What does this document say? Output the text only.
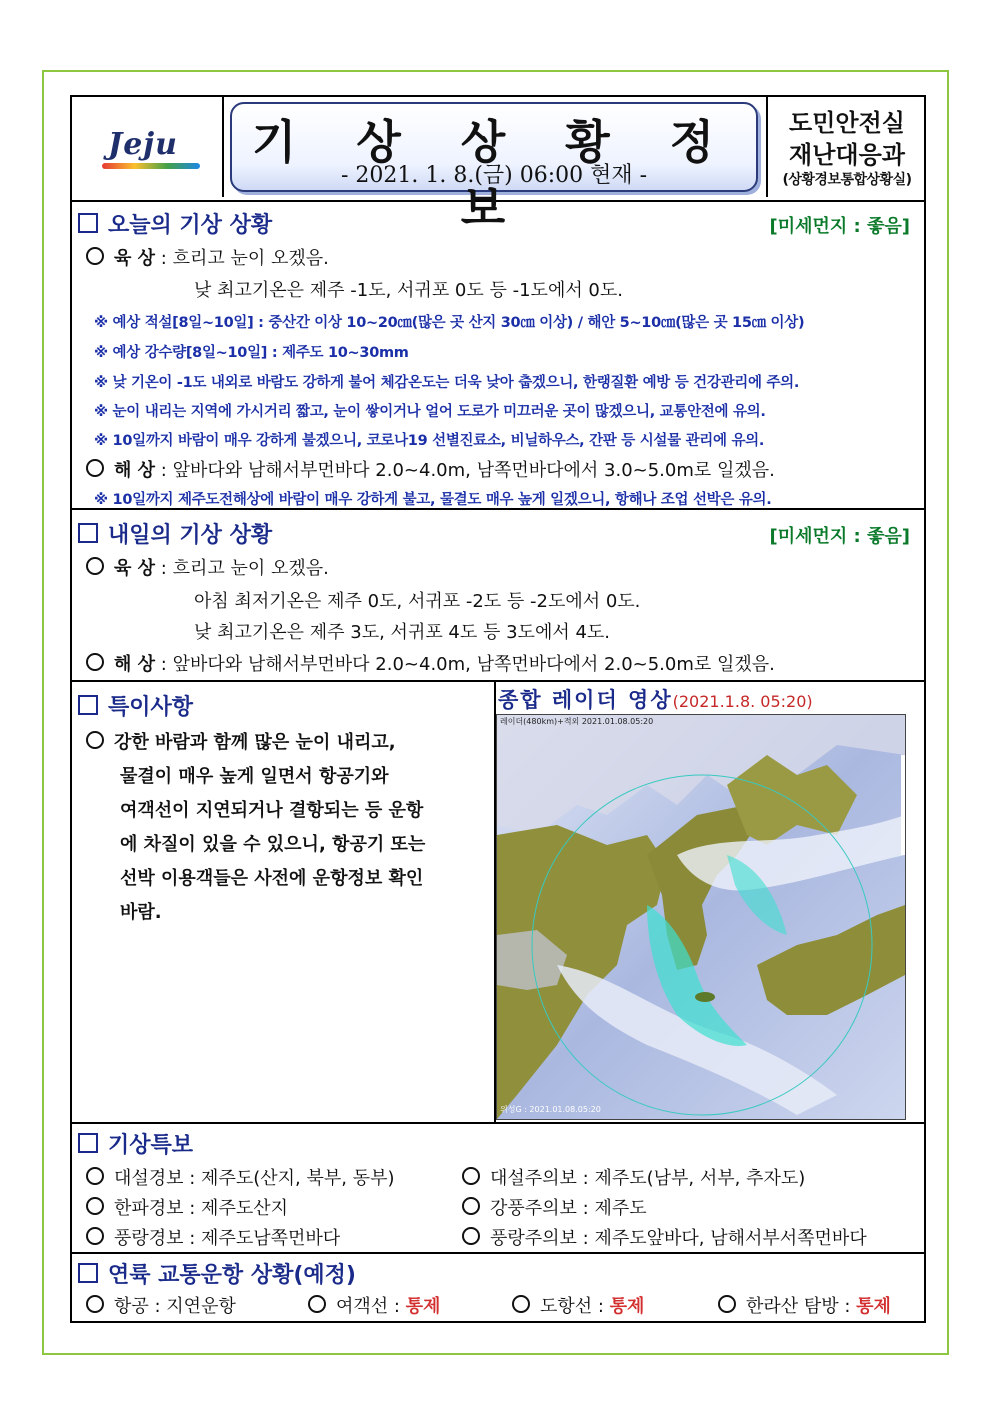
Jeju	기 상 상 황 정 보
- 2021. 1. 8.(금) 06:00 현재 -
도민안전실
재난대응과
(상황경보통합상황실)
오늘의 기상 상황	[미세먼지 : 좋음]
육 상 : 흐리고 눈이 오겠음.
낮 최고기온은 제주 -1도, 서귀포 0도 등 -1도에서 0도.
※ 예상 적설[8일~10일] : 중산간 이상 10~20㎝(많은 곳 산지 30㎝ 이상) / 해안 5~10㎝(많은 곳 15㎝ 이상)
※ 예상 강수량[8일~10일] : 제주도 10~30mm
※ 낮 기온이 -1도 내외로 바람도 강하게 불어 체감온도는 더욱 낮아 춥겠으니, 한랭질환 예방 등 건강관리에 주의.
※ 눈이 내리는 지역에 가시거리 짧고, 눈이 쌓이거나 얼어 도로가 미끄러운 곳이 많겠으니, 교통안전에 유의.
※ 10일까지 바람이 매우 강하게 불겠으니, 코로나19 선별진료소, 비닐하우스, 간판 등 시설물 관리에 유의.
해 상 : 앞바다와 남해서부먼바다 2.0~4.0m, 남쪽먼바다에서 3.0~5.0m로 일겠음.
※ 10일까지 제주도전해상에 바람이 매우 강하게 불고, 물결도 매우 높게 일겠으니, 항해나 조업 선박은 유의.
내일의 기상 상황	[미세먼지 : 좋음]
육 상 : 흐리고 눈이 오겠음.
아침 최저기온은 제주 0도, 서귀포 -2도 등 -2도에서 0도.
낮 최고기온은 제주 3도, 서귀포 4도 등 3도에서 4도.
해 상 : 앞바다와 남해서부먼바다 2.0~4.0m, 남쪽먼바다에서 2.0~5.0m로 일겠음.
특이사항
강한 바람과 함께 많은 눈이 내리고,
물결이 매우 높게 일면서 항공기와
여객선이 지연되거나 결항되는 등 운항
에 차질이 있을 수 있으니, 항공기 또는
선박 이용객들은 사전에 운항정보 확인
바람.
종합 레이더 영상(2021.1.8. 05:20)
레이더(480km)+적외 2021.01.08.05:20
위성G : 2021.01.08.05:20
기상특보
대설경보 : 제주도(산지, 북부, 동부)	대설주의보 : 제주도(남부, 서부, 추자도)
한파경보 : 제주도산지	강풍주의보 : 제주도
풍랑경보 : 제주도남쪽먼바다	풍랑주의보 : 제주도앞바다, 남해서부서쪽먼바다
연륙 교통운항 상황(예정)
항공 : 지연운항	여객선 : 통제	도항선 : 통제	한라산 탐방 : 통제
